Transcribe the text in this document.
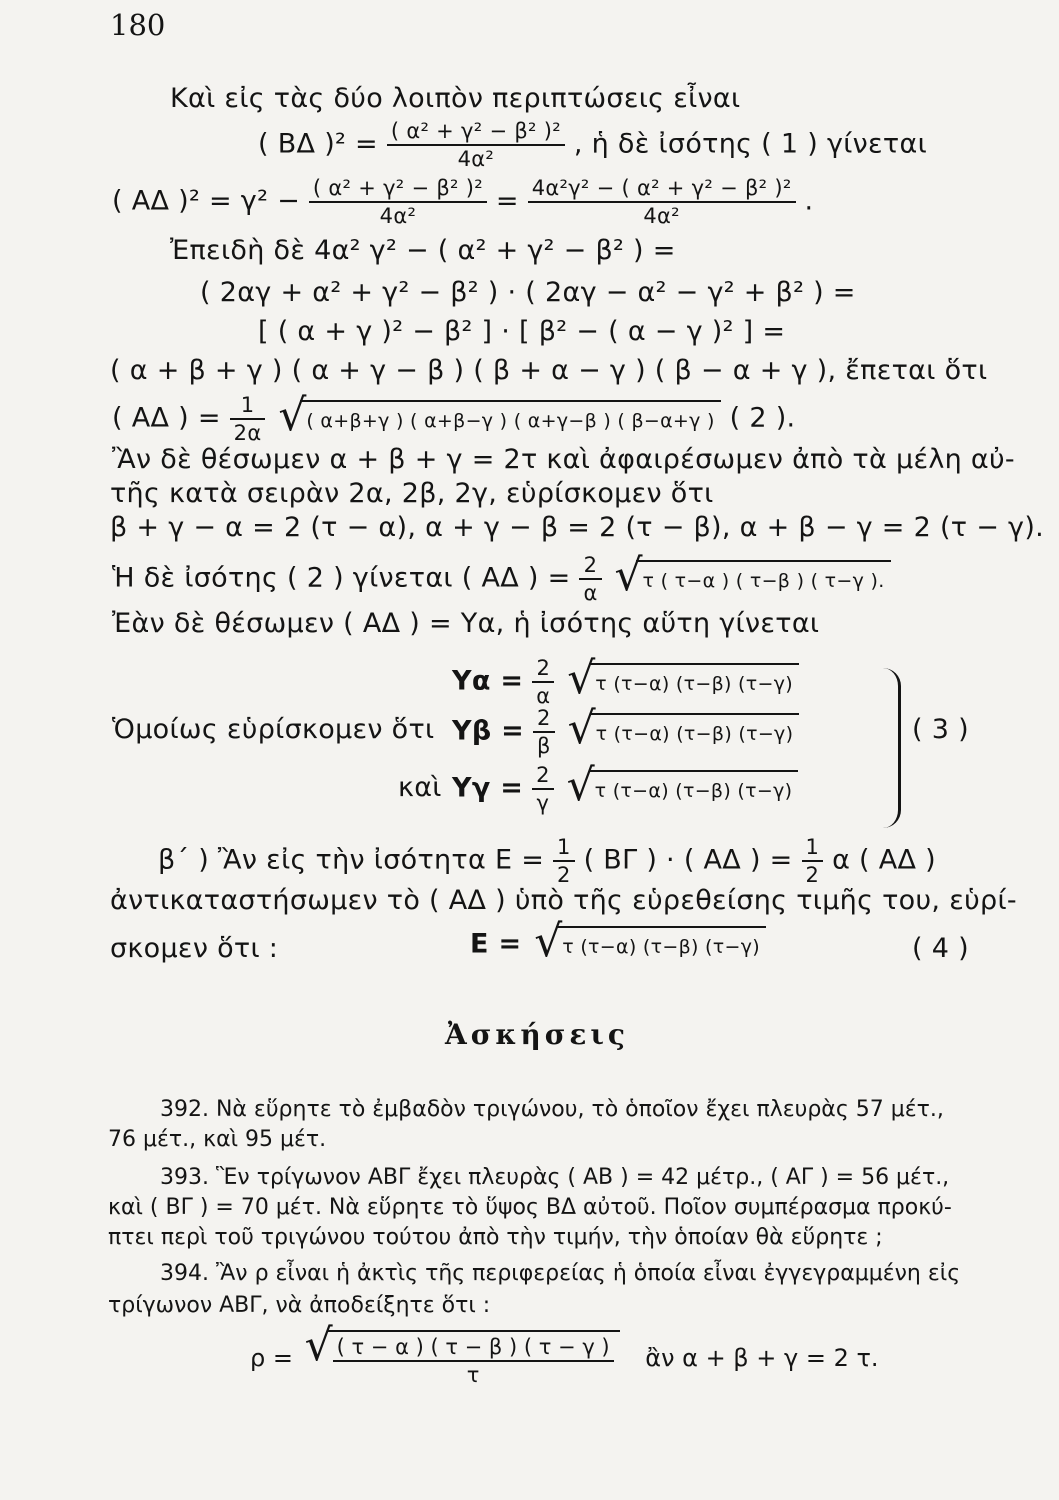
180
Καὶ εἰς τὰς δύο λοιπὸν περιπτώσεις εἶναι
( ΒΔ )$^2 = \frac{\text{( α² + γ² − β² )²}}{\text{4α²}}$ , ἡ δὲ ἰσότης ( 1 ) γίνεται
( ΑΔ )$^2 = \gamma^2 - \frac{\text{( α² + γ² − β² )²}}{\text{4α²}} = \frac{\text{4α²γ² − ( α² + γ² − β² )²}}{\text{4α²}}$ .
Ἐπειδὴ δὲ 4α² γ² − ( α² + γ² − β² ) =
( 2αγ + α² + γ² − β² ) · ( 2αγ − α² − γ² + β² ) =
[ ( α + γ )² − β² ] · [ β² − ( α − γ )² ] =
( α + β + γ ) ( α + γ − β ) ( β + α − γ ) ( β − α + γ ), ἔπεται ὅτι
( ΑΔ ) = $\frac{1}{2\alpha}$
√ ( α+β+γ ) ( α+β−γ ) ( α+γ−β ) ( β−α+γ ) ( 2 ).
Ἂν δὲ θέσωμεν α + β + γ = 2τ καὶ ἀφαιρέσωμεν ἀπὸ τὰ μέλη αὐ-
τῆς κατὰ σειρὰν 2α, 2β, 2γ, εὑρίσκομεν ὅτι
β + γ − α = 2 (τ − α), α + γ − β = 2 (τ − β), α + β − γ = 2 (τ − γ).
Ἡ δὲ ἰσότης ( 2 ) γίνεται ( ΑΔ ) = $\frac{2}{\alpha}$
√ τ ( τ−α ) ( τ−β ) ( τ−γ ).
Ἐὰν δὲ θέσωμεν ( ΑΔ ) = Υα, ἡ ἰσότης αὕτη γίνεται
$\Upsilon\alpha = \frac{2}{\alpha}$
√ τ (τ−α) (τ−β) (τ−γ)
Ὁμοίως εὑρίσκομεν ὅτι $\Upsilon\beta = \frac{2}{\beta}$
√ τ (τ−α) (τ−β) (τ−γ)	( 3 )
καὶ $\Upsilon\gamma = \frac{2}{\gamma}$
√ τ (τ−α) (τ−β) (τ−γ)
β΄ ) Ἂν εἰς τὴν ἰσότητα $E = \frac{1}{2}$ ( ΒΓ ) · ( ΑΔ ) = $\frac{1}{2}$ α ( ΑΔ )
ἀντικαταστήσωμεν τὸ ( ΑΔ ) ὑπὸ τῆς εὑρεθείσης τιμῆς του, εὑρί-
σκομεν ὅτι :	Ε = √ τ (τ−α) (τ−β) (τ−γ)	( 4 )
Ἀσκήσεις
392. Νὰ εὕρητε τὸ ἐμβαδὸν τριγώνου, τὸ ὁποῖον ἔχει πλευρὰς 57 μέτ.,
76 μέτ., καὶ 95 μέτ.
393. Ἓν τρίγωνον ΑΒΓ ἔχει πλευρὰς ( ΑΒ ) = 42 μέτρ., ( ΑΓ ) = 56 μέτ.,
καὶ ( ΒΓ ) = 70 μέτ. Νὰ εὕρητε τὸ ὕψος ΒΔ αὐτοῦ. Ποῖον συμπέρασμα προκύ-
πτει περὶ τοῦ τριγώνου τούτου ἀπὸ τὴν τιμήν, τὴν ὁποίαν θὰ εὕρητε ;
394. Ἂν ρ εἶναι ἡ ἀκτὶς τῆς περιφερείας ἡ ὁποία εἶναι ἐγγεγραμμένη εἰς
τρίγωνον ΑΒΓ, νὰ ἀποδείξητε ὅτι :
ρ = √ $\frac{( \tau - \alpha ) ( \tau - \beta ) ( \tau - \gamma )}{\tau}$ ἂν α + β + γ = 2 τ.
